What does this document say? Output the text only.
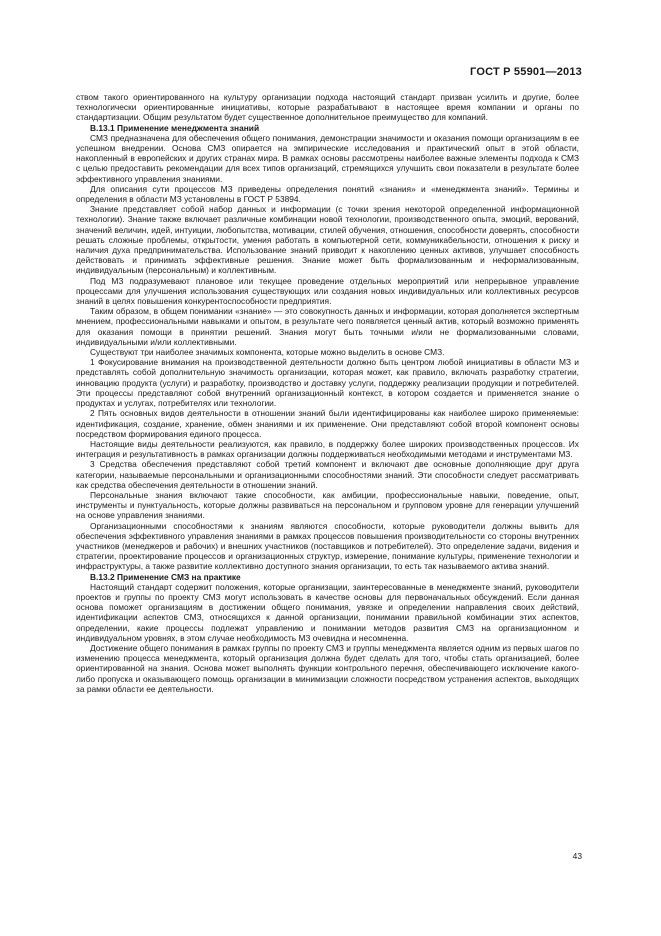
ГОСТ Р 55901—2013

ством такого ориентированного на культуру организации подхода настоящий стандарт призван усилить и другие, более технологически ориентированные инициативы, которые разрабатывают в настоящее время компании и органы по стандартизации. Общим результатом будет существенное дополнительное преимущество для компаний.

B.13.1 Применение менеджмента знаний

СМЗ предназначена для обеспечения общего понимания, демонстрации значимости и оказания помощи организациям в ее успешном внедрении. Основа СМЗ опирается на эмпирические исследования и практический опыт в этой области, накопленный в европейских и других странах мира. В рамках основы рассмотрены наиболее важные элементы подхода к СМЗ с целью предоставить рекомендации для всех типов организаций, стремящихся улучшить свои показатели в результате более эффективного управления знаниями.

Для описания сути процессов МЗ приведены определения понятий «знания» и «менеджмента знаний». Термины и определения в области МЗ установлены в ГОСТ Р 53894.

Знание представляет собой набор данных и информации (с точки зрения некоторой определенной информационной технологии). Знание также включает различные комбинации новой технологии, производственного опыта, эмоций, верований, значений величин, идей, интуиции, любопытства, мотивации, стилей обучения, отношения, способности доверять, способности решать сложные проблемы, открытости, умения работать в компьютерной сети, коммуникабельности, отношения к риску и наличия духа предпринимательства. Использование знаний приводит к накоплению ценных активов, улучшает способность действовать и принимать эффективные решения. Знание может быть формализованным и неформализованным, индивидуальным (персональным) и коллективным.

Под МЗ подразумевают плановое или текущее проведение отдельных мероприятий или непрерывное управление процессами для улучшения использования существующих или создания новых индивидуальных или коллективных ресурсов знаний в целях повышения конкурентоспособности предприятия.

Таким образом, в общем понимании «знание» — это совокупность данных и информации, которая дополняется экспертным мнением, профессиональными навыками и опытом, в результате чего появляется ценный актив, который возможно применять для оказания помощи в принятии решений. Знания могут быть точными и/или не формализованными словами, индивидуальными и/или коллективными.

Существуют три наиболее значимых компонента, которые можно выделить в основе СМЗ.

1 Фокусирование внимания на производственной деятельности должно быть центром любой инициативы в области МЗ и представлять собой дополнительную значимость организации, которая может, как правило, включать разработку стратегии, инновацию продукта (услуги) и разработку, производство и доставку услуги, поддержку реализации продукции и потребителей. Эти процессы представляют собой внутренний организационный контекст, в котором создается и применяется знание о продуктах и услугах, потребителях или технологии.

2 Пять основных видов деятельности в отношении знаний были идентифицированы как наиболее широко применяемые: идентификация, создание, хранение, обмен знаниями и их применение. Они представляют собой второй компонент основы посредством формирования единого процесса.

Настоящие виды деятельности реализуются, как правило, в поддержку более широких производственных процессов. Их интеграция и результативность в рамках организации должны поддерживаться необходимыми методами и инструментами МЗ.

3 Средства обеспечения представляют собой третий компонент и включают две основные дополняющие друг друга категории, называемые персональными и организационными способностями знаний. Эти способности следует рассматривать как средства обеспечения деятельности в отношении знаний.

Персональные знания включают такие способности, как амбиции, профессиональные навыки, поведение, опыт, инструменты и пунктуальность, которые должны развиваться на персональном и групповом уровне для генерации улучшений на основе управления знаниями.

Организационными способностями к знаниям являются способности, которые руководители должны вывить для обеспечения эффективного управления знаниями в рамках процессов повышения производительности со стороны внутренних участников (менеджеров и рабочих) и внешних участников (поставщиков и потребителей). Это определение задачи, видения и стратегии, проектирование процессов и организационных структур, измерение, понимание культуры, применение технологии и инфраструктуры, а также развитие коллективно доступного знания организации, то есть так называемого актива знаний.

B.13.2 Применение СМЗ на практике

Настоящий стандарт содержит положения, которые организации, заинтересованные в менеджменте знаний, руководители проектов и группы по проекту СМЗ могут использовать в качестве основы для первоначальных обсуждений. Если данная основа поможет организациям в достижении общего понимания, увязке и определении направления своих действий, идентификации аспектов СМЗ, относящихся к данной организации, понимании правильной комбинации этих аспектов, определении, какие процессы подлежат управлению и понимании методов развития СМЗ на организационном и индивидуальном уровнях, в этом случае необходимость МЗ очевидна и несомненна.

Достижение общего понимания в рамках группы по проекту СМЗ и группы менеджмента является одним из первых шагов по изменению процесса менеджмента, который организация должна будет сделать для того, чтобы стать организацией, более ориентированной на знания. Основа может выполнять функции контрольного перечня, обеспечивающего исключение какого-либо пропуска и оказывающего помощь организации в минимизации сложности посредством устранения аспектов, выходящих за рамки области ее деятельности.

43
